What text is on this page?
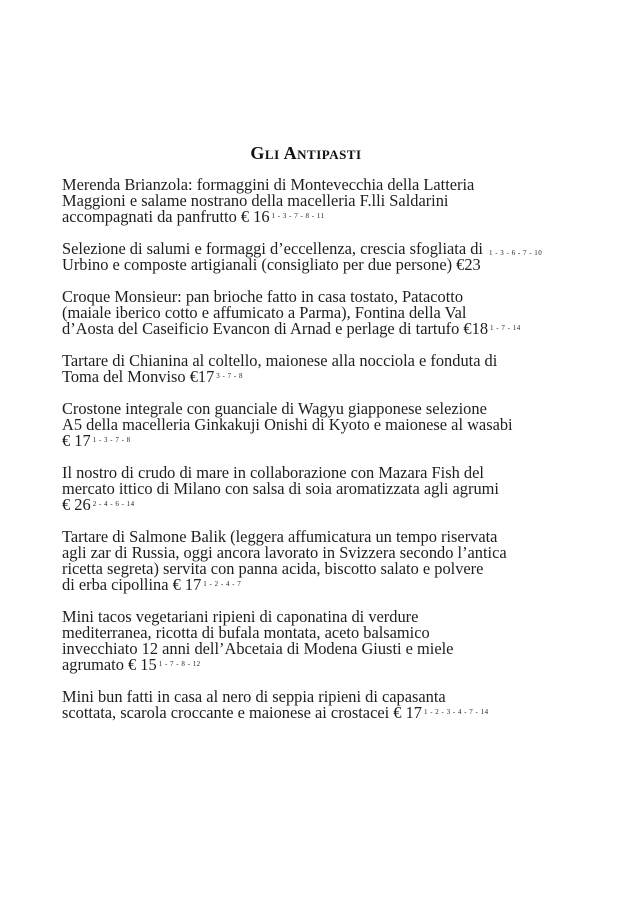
Gli Antipasti

Merenda Brianzola: formaggini di Montevecchia della Latteria
Maggioni e salame nostrano della macelleria F.lli Saldarini
accompagnati da panfrutto € 16 $^{1 - 3 - 7 - 8 - 11}$

Selezione di salumi e formaggi d’eccellenza, crescia sfogliata di $^{1 - 3 - 6 - 7 - 10}$
Urbino e composte artigianali (consigliato per due persone) €23

Croque Monsieur: pan brioche fatto in casa tostato, Patacotto
(maiale iberico cotto e affumicato a Parma), Fontina della Val
d’Aosta del Caseificio Evancon di Arnad e perlage di tartufo €18 $^{1 - 7 - 14}$

Tartare di Chianina al coltello, maionese alla nocciola e fonduta di
Toma del Monviso €17 $^{3 - 7 - 8}$

Crostone integrale con guanciale di Wagyu giapponese selezione
A5 della macelleria Ginkakuji Onishi di Kyoto e maionese al wasabi
€ 17 $^{1 - 3 - 7 - 8}$

Il nostro di crudo di mare in collaborazione con Mazara Fish del
mercato ittico di Milano con salsa di soia aromatizzata agli agrumi
€ 26 $^{2 - 4 - 6 - 14}$

Tartare di Salmone Balik (leggera affumicatura un tempo riservata
agli zar di Russia, oggi ancora lavorato in Svizzera secondo l’antica
ricetta segreta) servita con panna acida, biscotto salato e polvere
di erba cipollina € 17 $^{1 - 2 - 4 - 7}$

Mini tacos vegetariani ripieni di caponatina di verdure
mediterranea, ricotta di bufala montata, aceto balsamico
invecchiato 12 anni dell’Abcetaia di Modena Giusti e miele
agrumato € 15 $^{1 - 7 - 8 - 12}$

Mini bun fatti in casa al nero di seppia ripieni di capasanta
scottata, scarola croccante e maionese ai crostacei € 17 $^{1 - 2 - 3 - 4 - 7 - 14}$
